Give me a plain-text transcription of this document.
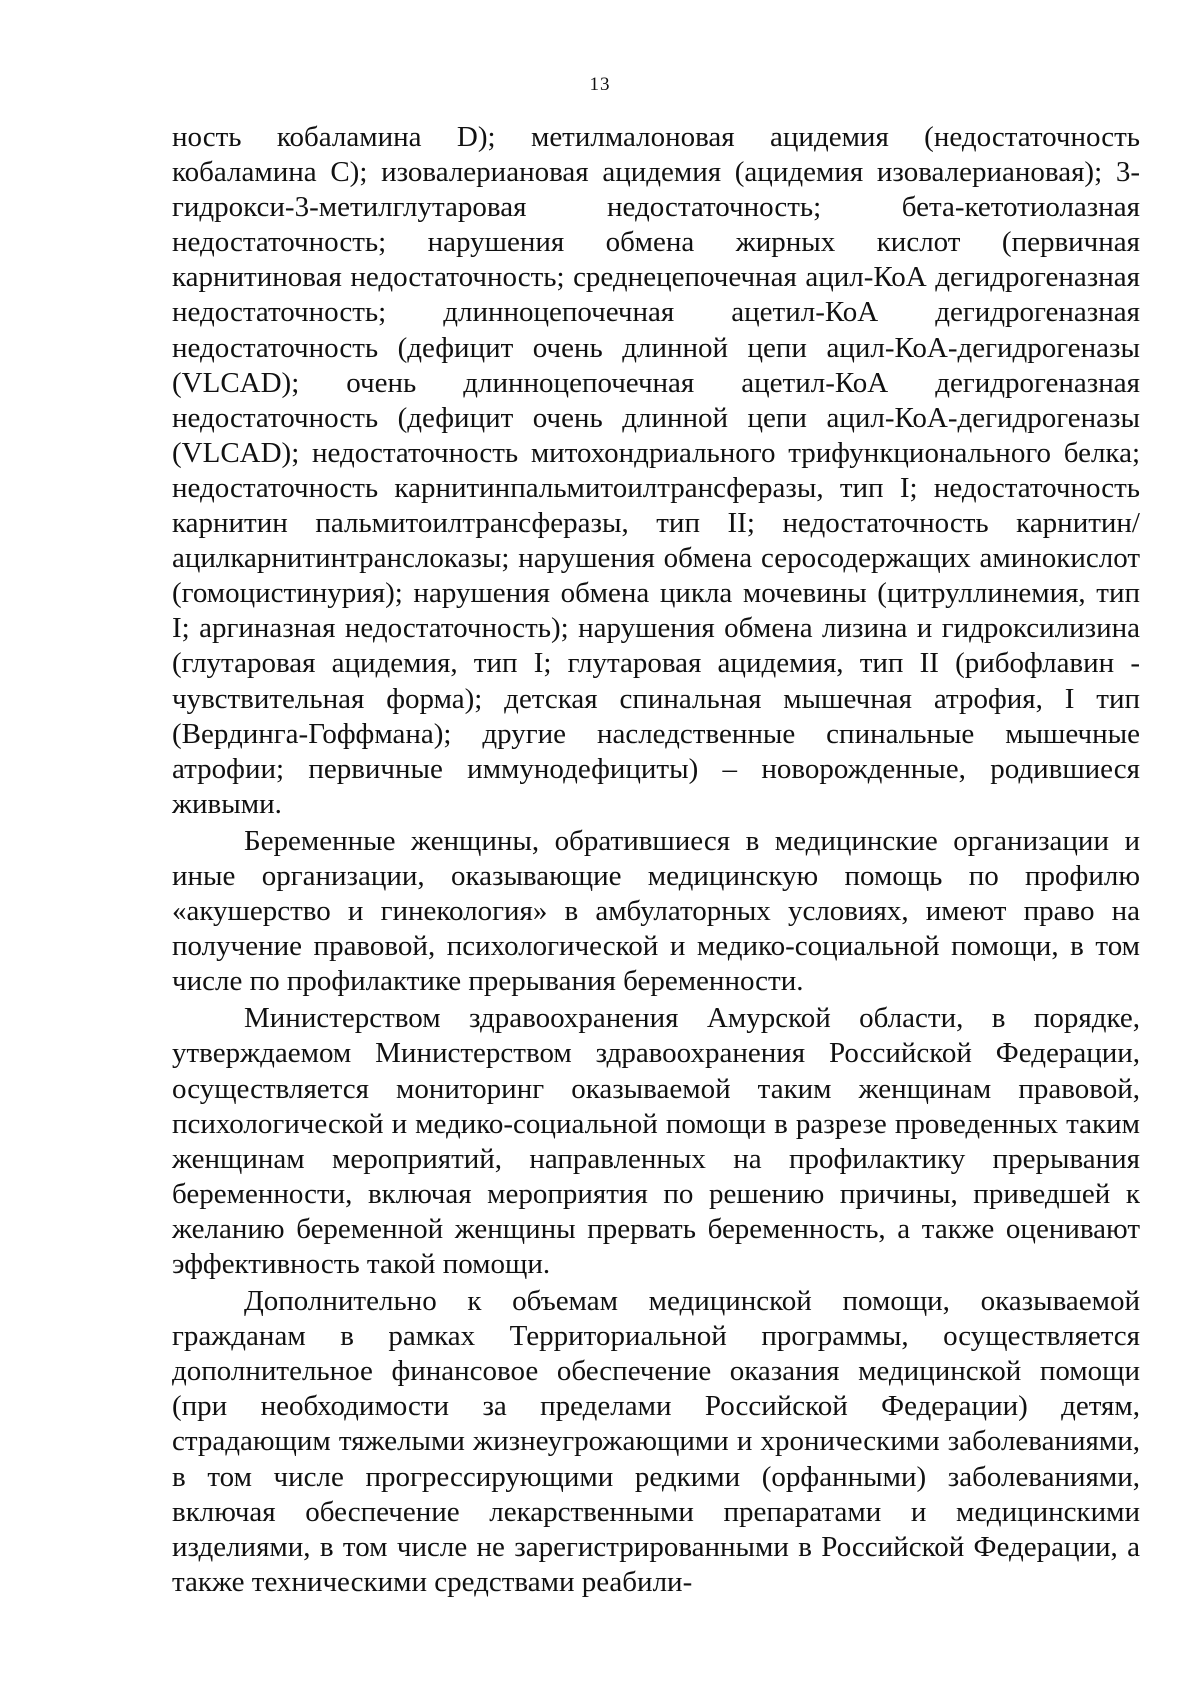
13

ность кобаламина D); метилмалоновая ацидемия (недостаточность кобаламина С); изовалериановая ацидемия (ацидемия изовалериановая); 3-гидрокси-3-метилглутаровая недостаточность; бета-кетотиолазная недостаточность; нарушения обмена жирных кислот (первичная карнитиновая недостаточность; среднецепочечная ацил-КоА дегидрогеназная недостаточность; длинноцепочечная ацетил-КоА дегидрогеназная недостаточность (дефицит очень длинной цепи ацил-КоА-дегидрогеназы (VLCAD); очень длинноцепочечная ацетил-КоА дегидрогеназная недостаточность (дефицит очень длинной цепи ацил-КоА-дегидрогеназы (VLCAD); недостаточность митохондриального трифункционального белка; недостаточность карнитинпальмитоилтрансферазы, тип I; недостаточность карнитин пальмитоилтрансферазы, тип II; недостаточность карнитин/ацилкарнитинтранслоказы; нарушения обмена серосодержащих аминокислот (гомоцистинурия); нарушения обмена цикла мочевины (цитруллинемия, тип I; аргиназная недостаточность); нарушения обмена лизина и гидроксилизина (глутаровая ацидемия, тип I; глутаровая ацидемия, тип II (рибофлавин - чувствительная форма); детская спинальная мышечная атрофия, I тип (Вердинга-Гоффмана); другие наследственные спинальные мышечные атрофии; первичные иммунодефициты) – новорожденные, родившиеся живыми.

Беременные женщины, обратившиеся в медицинские организации и иные организации, оказывающие медицинскую помощь по профилю «акушерство и гинекология» в амбулаторных условиях, имеют право на получение правовой, психологической и медико-социальной помощи, в том числе по профилактике прерывания беременности.

Министерством здравоохранения Амурской области, в порядке, утверждаемом Министерством здравоохранения Российской Федерации, осуществляется мониторинг оказываемой таким женщинам правовой, психологической и медико-социальной помощи в разрезе проведенных таким женщинам мероприятий, направленных на профилактику прерывания беременности, включая мероприятия по решению причины, приведшей к желанию беременной женщины прервать беременность, а также оценивают эффективность такой помощи.

Дополнительно к объемам медицинской помощи, оказываемой гражданам в рамках Территориальной программы, осуществляется дополнительное финансовое обеспечение оказания медицинской помощи (при необходимости за пределами Российской Федерации) детям, страдающим тяжелыми жизнеугрожающими и хроническими заболеваниями, в том числе прогрессирующими редкими (орфанными) заболеваниями, включая обеспечение лекарственными препаратами и медицинскими изделиями, в том числе не зарегистрированными в Российской Федерации, а также техническими средствами реабили-
